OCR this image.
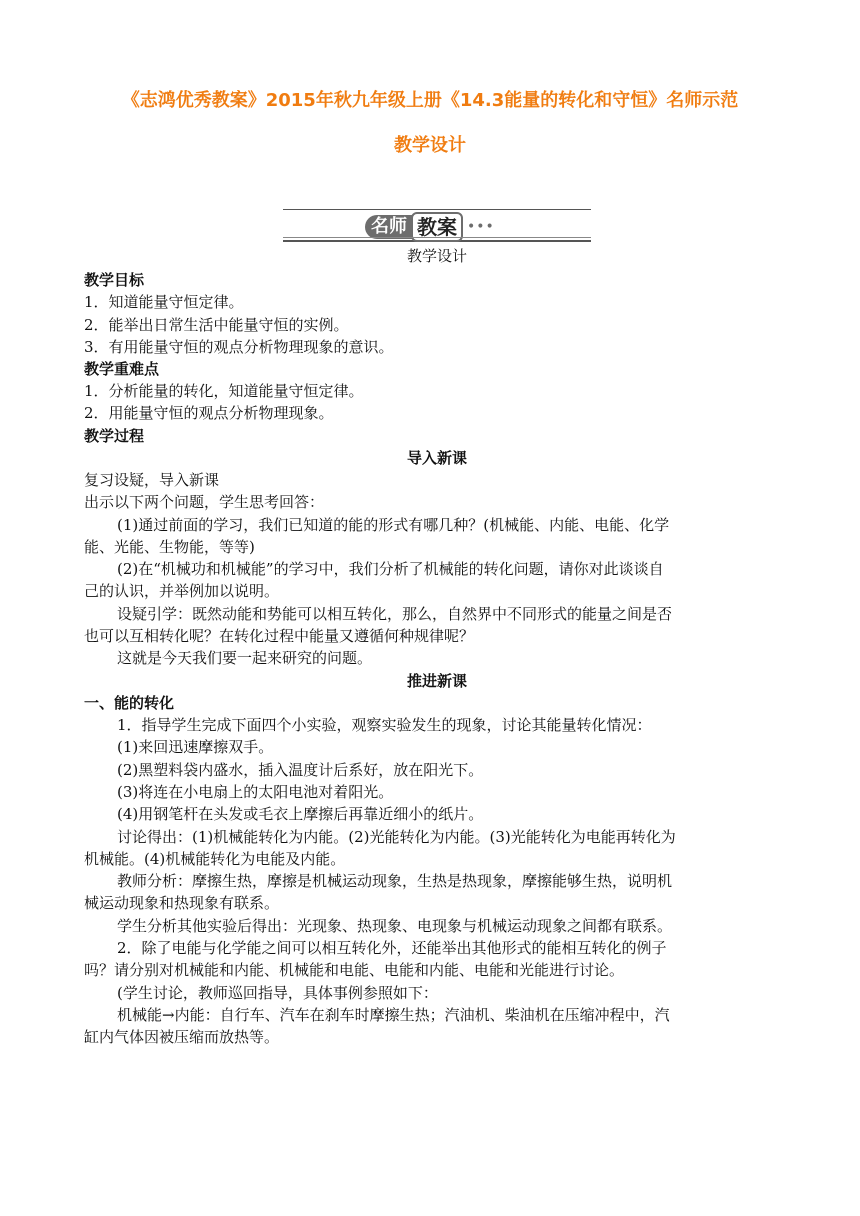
《志鸿优秀教案》2015年秋九年级上册《14.3能量的转化和守恒》名师示范
教学设计
名师 教案 •••
教学设计
教学目标
1．知道能量守恒定律。
2．能举出日常生活中能量守恒的实例。
3．有用能量守恒的观点分析物理现象的意识。
教学重难点
1．分析能量的转化，知道能量守恒定律。
2．用能量守恒的观点分析物理现象。
教学过程
导入新课
复习设疑，导入新课
出示以下两个问题，学生思考回答：
(1)通过前面的学习，我们已知道的能的形式有哪几种？(机械能、内能、电能、化学
能、光能、生物能，等等)
(2)在“机械功和机械能”的学习中，我们分析了机械能的转化问题，请你对此谈谈自
己的认识，并举例加以说明。
设疑引学：既然动能和势能可以相互转化，那么，自然界中不同形式的能量之间是否
也可以互相转化呢？在转化过程中能量又遵循何种规律呢？
这就是今天我们要一起来研究的问题。
推进新课
一、能的转化
1．指导学生完成下面四个小实验，观察实验发生的现象，讨论其能量转化情况：
(1)来回迅速摩擦双手。
(2)黑塑料袋内盛水，插入温度计后系好，放在阳光下。
(3)将连在小电扇上的太阳电池对着阳光。
(4)用钢笔杆在头发或毛衣上摩擦后再靠近细小的纸片。
讨论得出：(1)机械能转化为内能。(2)光能转化为内能。(3)光能转化为电能再转化为
机械能。(4)机械能转化为电能及内能。
教师分析：摩擦生热，摩擦是机械运动现象，生热是热现象，摩擦能够生热，说明机
械运动现象和热现象有联系。
学生分析其他实验后得出：光现象、热现象、电现象与机械运动现象之间都有联系。
2．除了电能与化学能之间可以相互转化外，还能举出其他形式的能相互转化的例子
吗？请分别对机械能和内能、机械能和电能、电能和内能、电能和光能进行讨论。
(学生讨论，教师巡回指导，具体事例参照如下：
机械能→内能：自行车、汽车在刹车时摩擦生热；汽油机、柴油机在压缩冲程中，汽
缸内气体因被压缩而放热等。
